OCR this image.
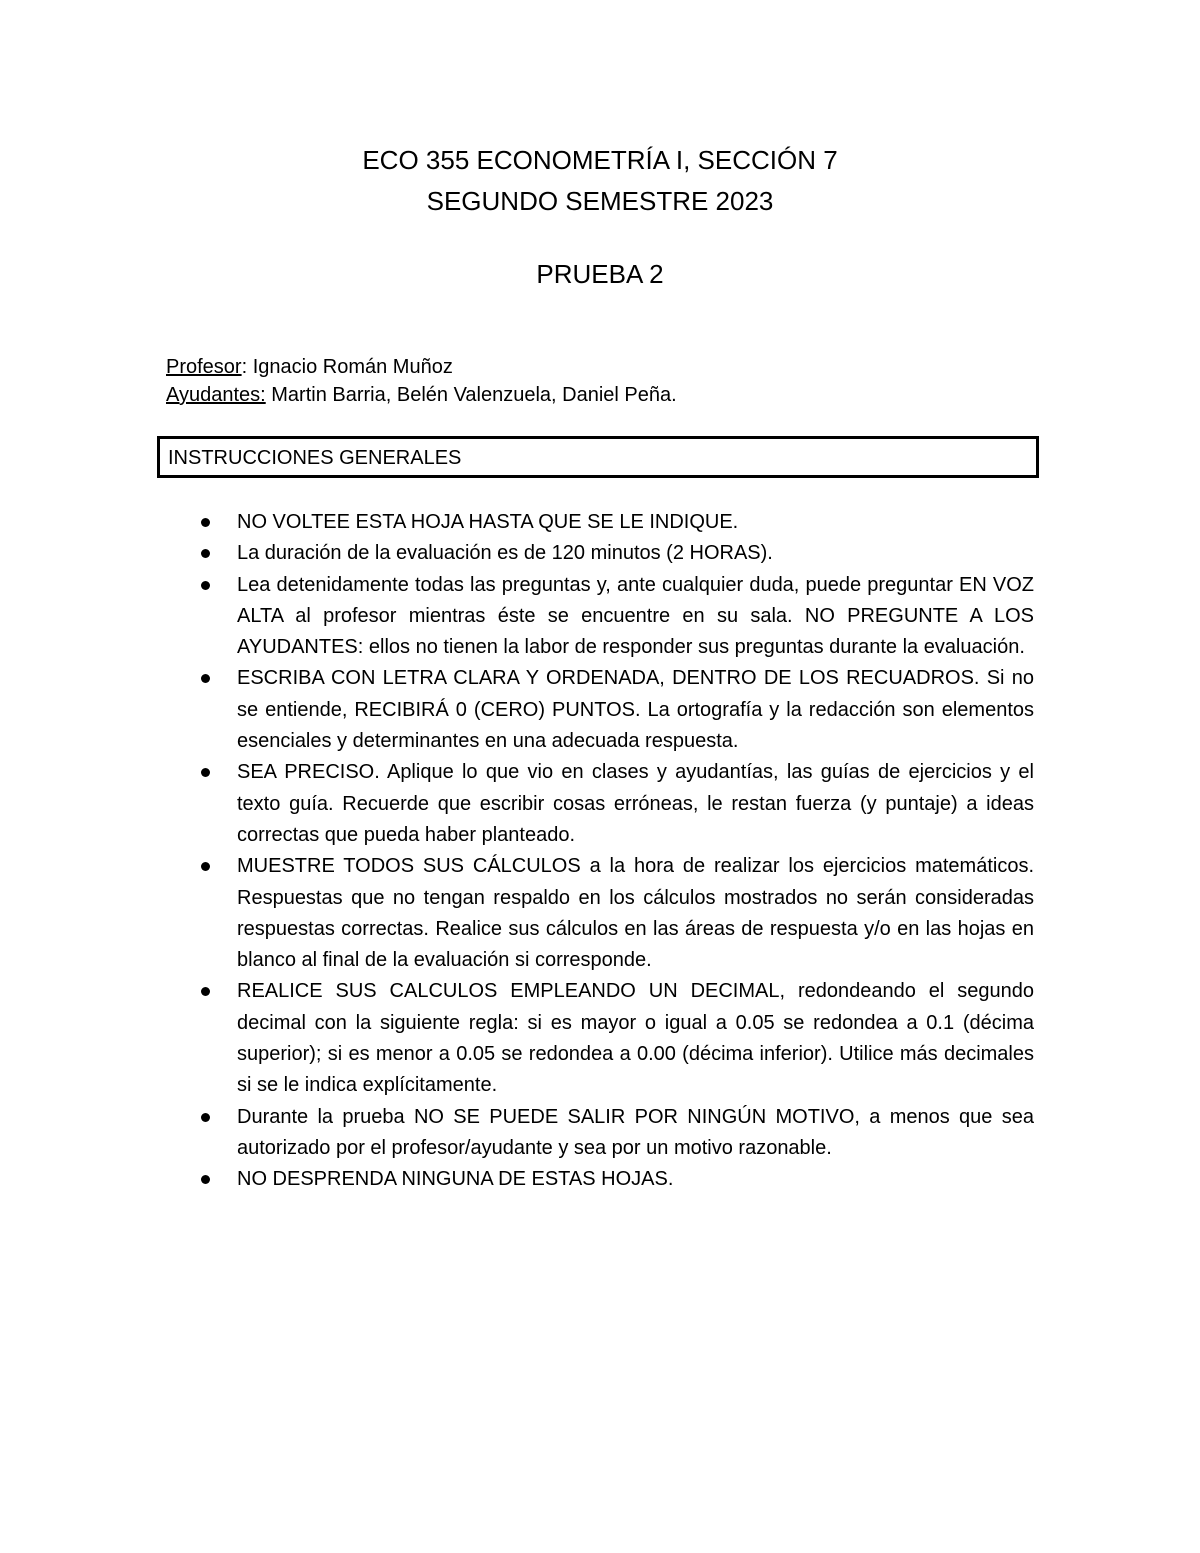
ECO 355 ECONOMETRÍA I, SECCIÓN 7
SEGUNDO SEMESTRE 2023
PRUEBA 2
Profesor: Ignacio Román Muñoz
Ayudantes: Martin Barria, Belén Valenzuela, Daniel Peña.
INSTRUCCIONES GENERALES
NO VOLTEE ESTA HOJA HASTA QUE SE LE INDIQUE.
La duración de la evaluación es de 120 minutos (2 HORAS).
Lea detenidamente todas las preguntas y, ante cualquier duda, puede preguntar EN VOZ ALTA al profesor mientras éste se encuentre en su sala. NO PREGUNTE A LOS AYUDANTES: ellos no tienen la labor de responder sus preguntas durante la evaluación.
ESCRIBA CON LETRA CLARA Y ORDENADA, DENTRO DE LOS RECUADROS. Si no se entiende, RECIBIRÁ 0 (CERO) PUNTOS. La ortografía y la redacción son elementos esenciales y determinantes en una adecuada respuesta.
SEA PRECISO. Aplique lo que vio en clases y ayudantías, las guías de ejercicios y el texto guía. Recuerde que escribir cosas erróneas, le restan fuerza (y puntaje) a ideas correctas que pueda haber planteado.
MUESTRE TODOS SUS CÁLCULOS a la hora de realizar los ejercicios matemáticos. Respuestas que no tengan respaldo en los cálculos mostrados no serán consideradas respuestas correctas. Realice sus cálculos en las áreas de respuesta y/o en las hojas en blanco al final de la evaluación si corresponde.
REALICE SUS CALCULOS EMPLEANDO UN DECIMAL, redondeando el segundo decimal con la siguiente regla: si es mayor o igual a 0.05 se redondea a 0.1 (décima superior); si es menor a 0.05 se redondea a 0.00 (décima inferior). Utilice más decimales si se le indica explícitamente.
Durante la prueba NO SE PUEDE SALIR POR NINGÚN MOTIVO, a menos que sea autorizado por el profesor/ayudante y sea por un motivo razonable.
NO DESPRENDA NINGUNA DE ESTAS HOJAS.
